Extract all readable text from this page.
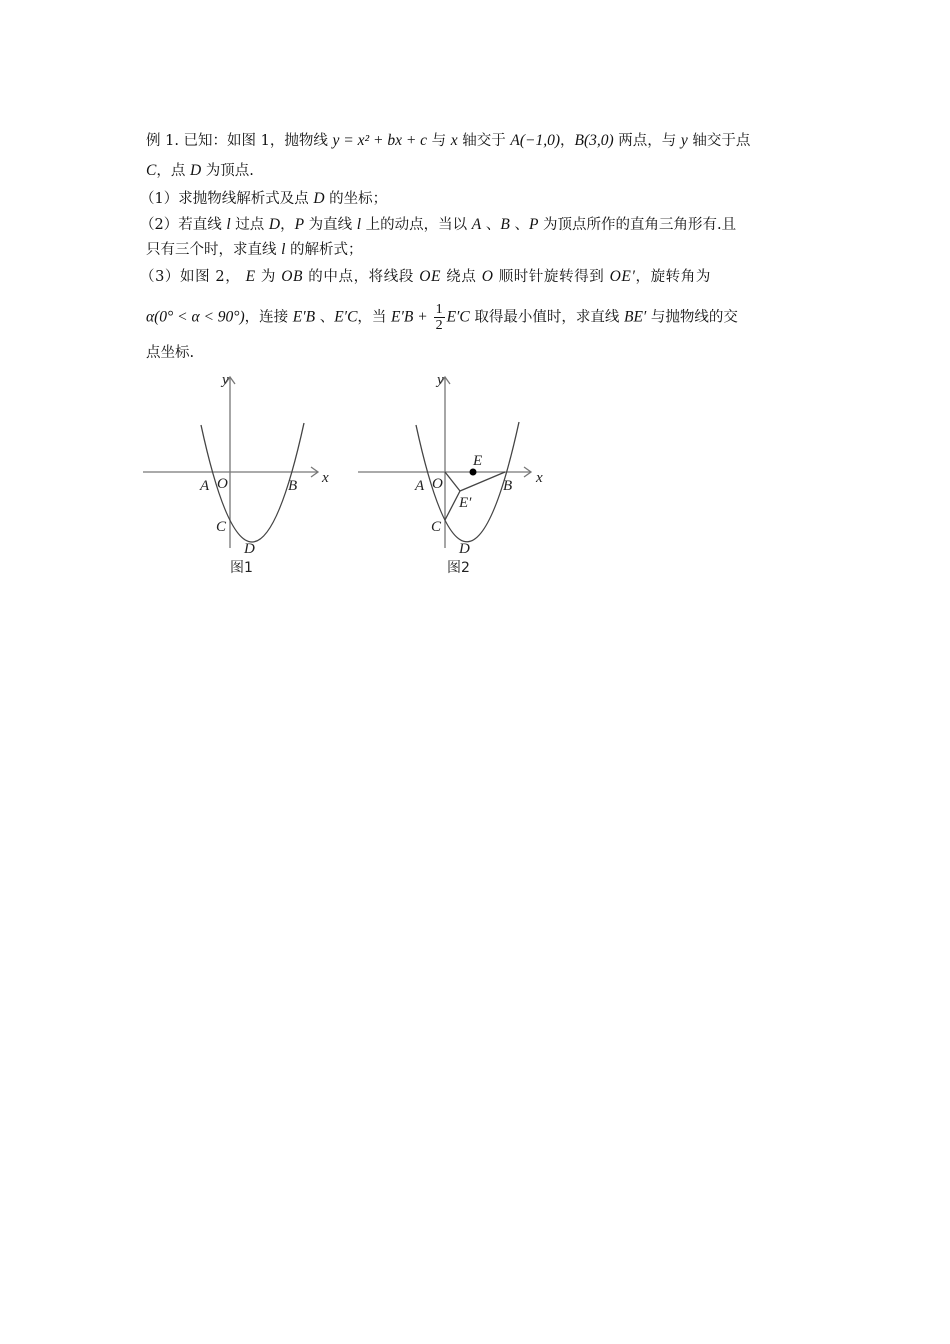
例 1. 已知：如图 1，抛物线 y = x² + bx + c 与 x 轴交于 A(−1,0)，B(3,0) 两点，与 y 轴交于点
C，点 D 为顶点.
（1）求抛物线解析式及点 D 的坐标；
（2）若直线 l 过点 D，P 为直线 l 上的动点，当以 A 、B 、P 为顶点所作的直角三角形有.且
只有三个时，求直线 l 的解析式；
（3）如图 2， E 为 OB 的中点，将线段 OE 绕点 O 顺时针旋转得到 OE′，旋转角为
α(0° < α < 90°)，连接 E′B 、E′C，当 $E'B + \frac{1}{2} E'C$ 取得最小值时，求直线 BE′ 与抛物线的交
点坐标.
y
x
A O	B
C
D
图1
y
x
A O	B
E
E′
C
D
图2
